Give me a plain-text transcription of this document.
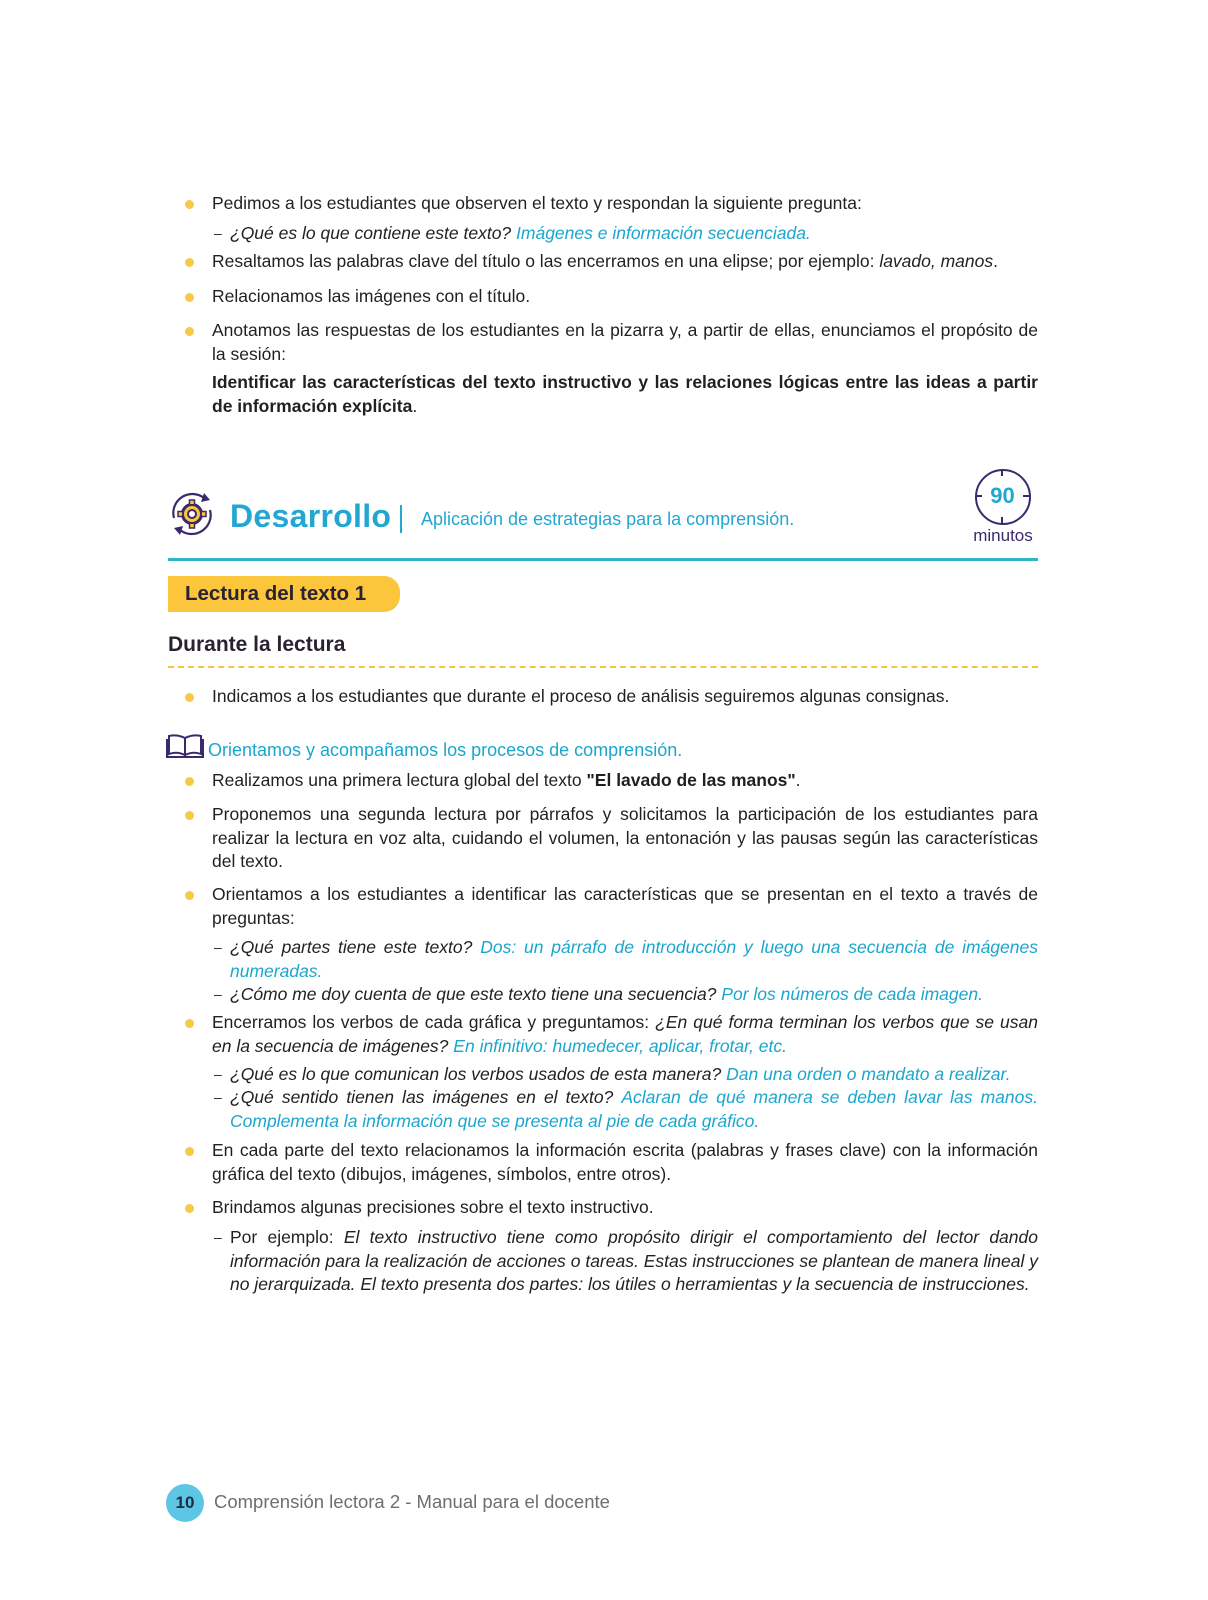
Pedimos a los estudiantes que observen el texto y respondan la siguiente pregunta:
– ¿Qué es lo que contiene este texto? Imágenes e información secuenciada.
Resaltamos las palabras clave del título o las encerramos en una elipse; por ejemplo: lavado, manos.
Relacionamos las imágenes con el título.
Anotamos las respuestas de los estudiantes en la pizarra y, a partir de ellas, enunciamos el propósito de la sesión:
Identificar las características del texto instructivo y las relaciones lógicas entre las ideas a partir de información explícita.
Desarrollo Aplicación de estrategias para la comprensión.
90
minutos
Lectura del texto 1
Durante la lectura
Indicamos a los estudiantes que durante el proceso de análisis seguiremos algunas consignas.
Orientamos y acompañamos los procesos de comprensión.
Realizamos una primera lectura global del texto "El lavado de las manos".
Proponemos una segunda lectura por párrafos y solicitamos la participación de los estudiantes para realizar la lectura en voz alta, cuidando el volumen, la entonación y las pausas según las características del texto.
Orientamos a los estudiantes a identificar las características que se presentan en el texto a través de preguntas:
– ¿Qué partes tiene este texto? Dos: un párrafo de introducción y luego una secuencia de imágenes numeradas.
– ¿Cómo me doy cuenta de que este texto tiene una secuencia? Por los números de cada imagen.
Encerramos los verbos de cada gráfica y preguntamos: ¿En qué forma terminan los verbos que se usan en la secuencia de imágenes? En infinitivo: humedecer, aplicar, frotar, etc.
– ¿Qué es lo que comunican los verbos usados de esta manera? Dan una orden o mandato a realizar.
– ¿Qué sentido tienen las imágenes en el texto? Aclaran de qué manera se deben lavar las manos. Complementa la información que se presenta al pie de cada gráfico.
En cada parte del texto relacionamos la información escrita (palabras y frases clave) con la información gráfica del texto (dibujos, imágenes, símbolos, entre otros).
Brindamos algunas precisiones sobre el texto instructivo.
– Por ejemplo: El texto instructivo tiene como propósito dirigir el comportamiento del lector dando información para la realización de acciones o tareas. Estas instrucciones se plantean de manera lineal y no jerarquizada. El texto presenta dos partes: los útiles o herramientas y la secuencia de instrucciones.
10	Comprensión lectora 2 - Manual para el docente
